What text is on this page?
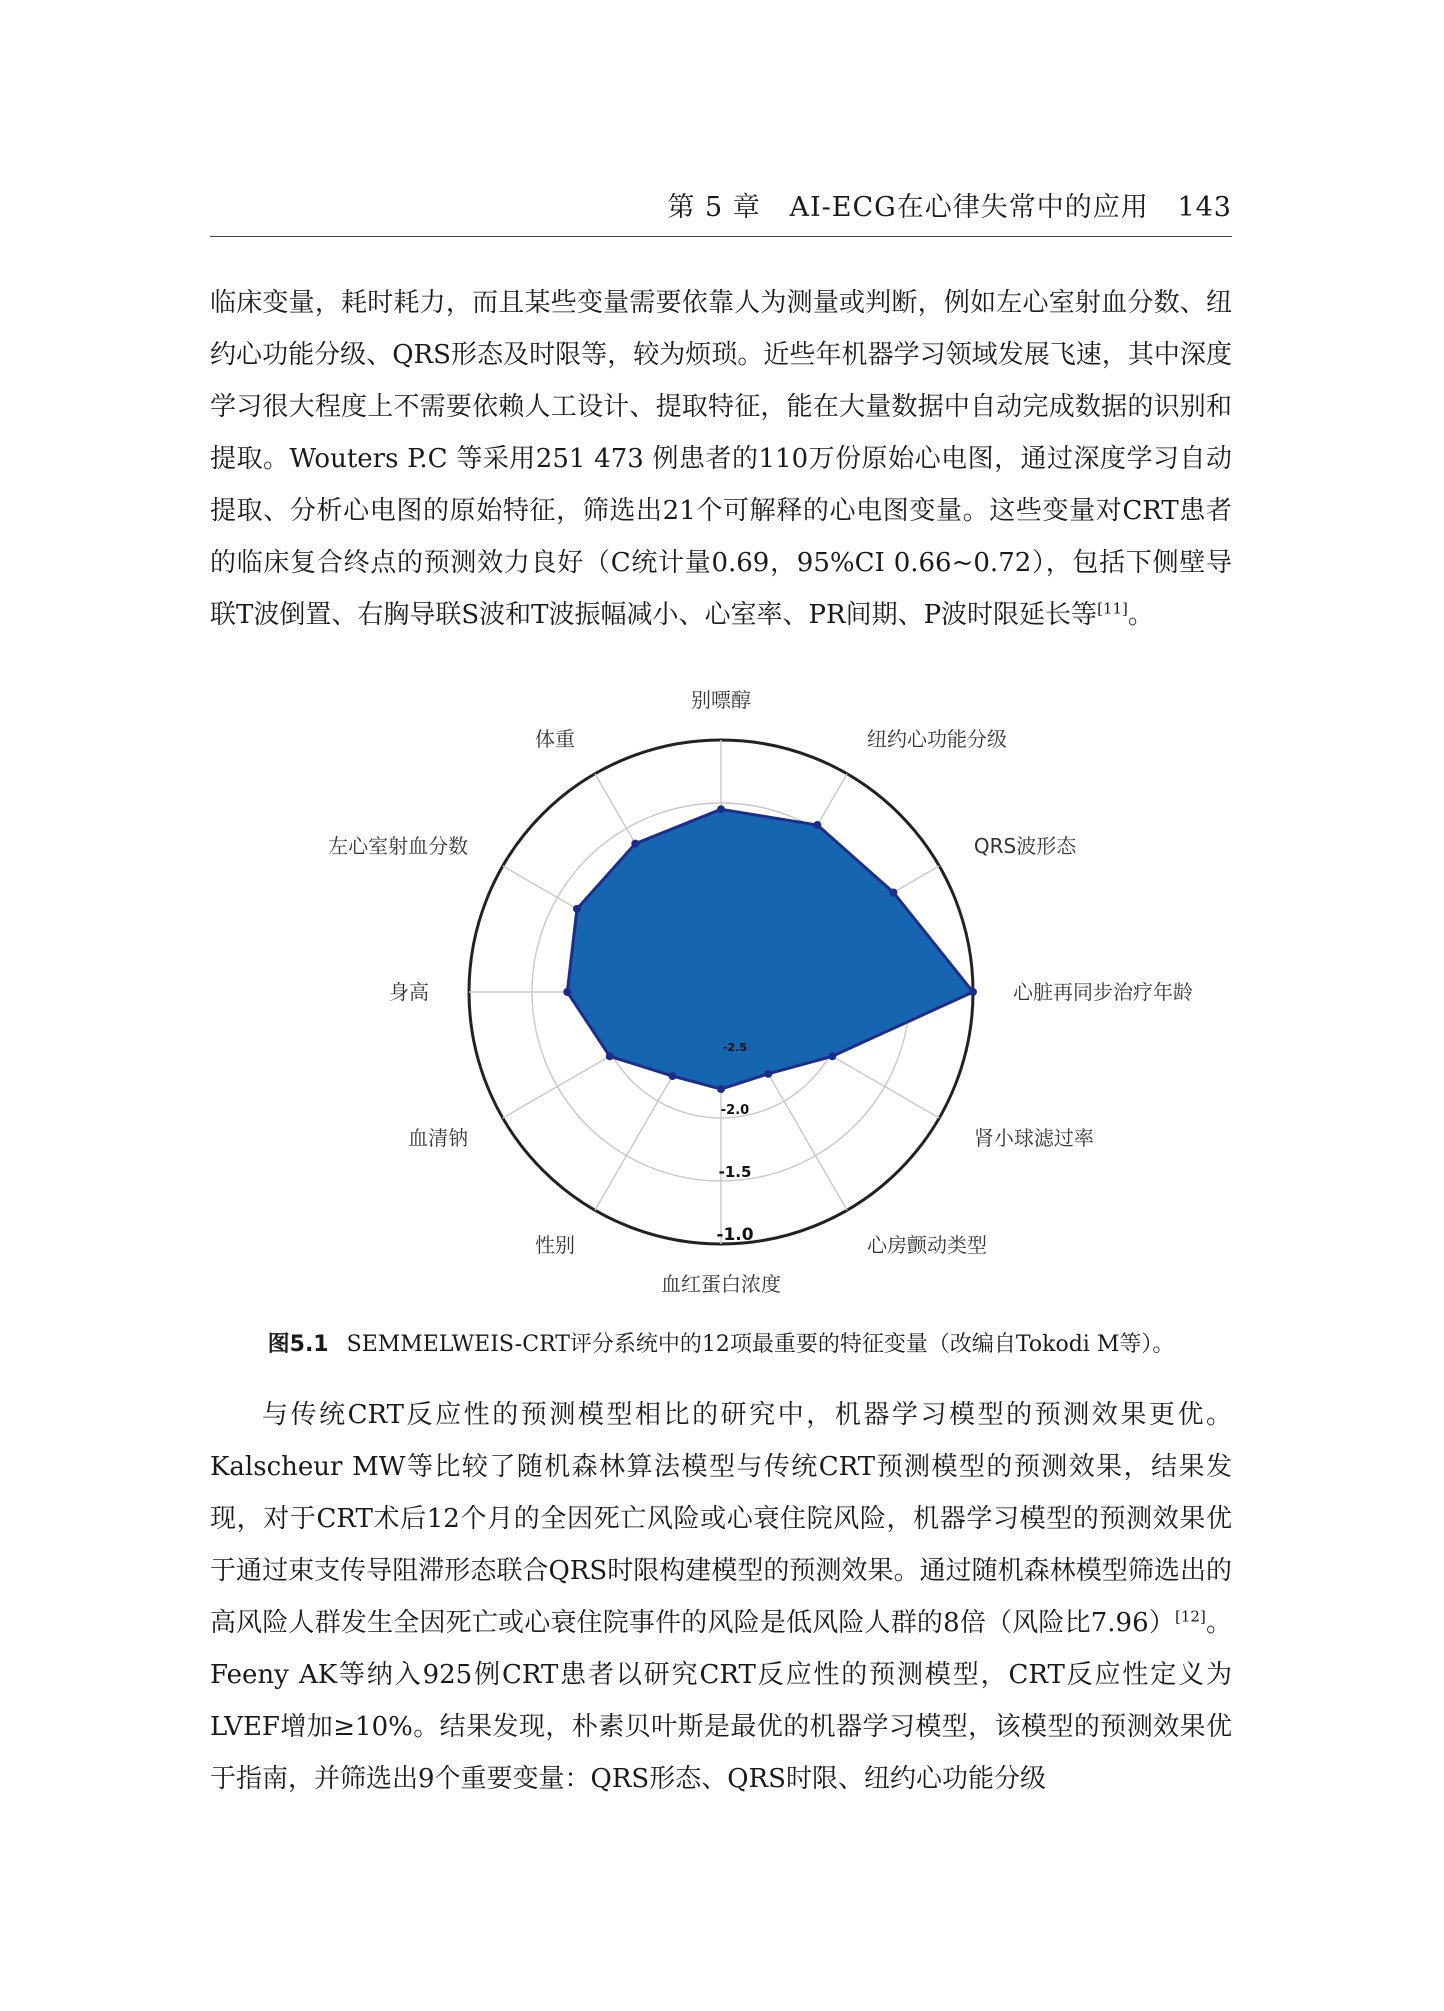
第 5 章 AI-ECG在心律失常中的应用 143

临床变量，耗时耗力，而且某些变量需要依靠人为测量或判断，例如左心室射血分数、纽约心功能分级、QRS形态及时限等，较为烦琐。近些年机器学习领域发展飞速，其中深度学习很大程度上不需要依赖人工设计、提取特征，能在大量数据中自动完成数据的识别和提取。Wouters P.C 等采用251 473 例患者的110万份原始心电图，通过深度学习自动提取、分析心电图的原始特征，筛选出21个可解释的心电图变量。这些变量对CRT患者的临床复合终点的预测效力良好（C统计量0.69，95%CI 0.66~0.72），包括下侧壁导联T波倒置、右胸导联S波和T波振幅减小、心室率、PR间期、P波时限延长等[11]。

-2.5
-2.0
-1.5
-1.0
别嘌醇
纽约心功能分级
QRS波形态
心脏再同步治疗年龄
肾小球滤过率
心房颤动类型
血红蛋白浓度
性别
血清钠
身高
左心室射血分数
体重
图5.1 SEMMELWEIS-CRT评分系统中的12项最重要的特征变量（改编自Tokodi M等）。

与传统CRT反应性的预测模型相比的研究中，机器学习模型的预测效果更优。Kalscheur MW等比较了随机森林算法模型与传统CRT预测模型的预测效果，结果发现，对于CRT术后12个月的全因死亡风险或心衰住院风险，机器学习模型的预测效果优于通过束支传导阻滞形态联合QRS时限构建模型的预测效果。通过随机森林模型筛选出的高风险人群发生全因死亡或心衰住院事件的风险是低风险人群的8倍（风险比7.96）[12]。Feeny AK等纳入925例CRT患者以研究CRT反应性的预测模型，CRT反应性定义为LVEF增加≥10%。结果发现，朴素贝叶斯是最优的机器学习模型，该模型的预测效果优于指南，并筛选出9个重要变量：QRS形态、QRS时限、纽约心功能分级
